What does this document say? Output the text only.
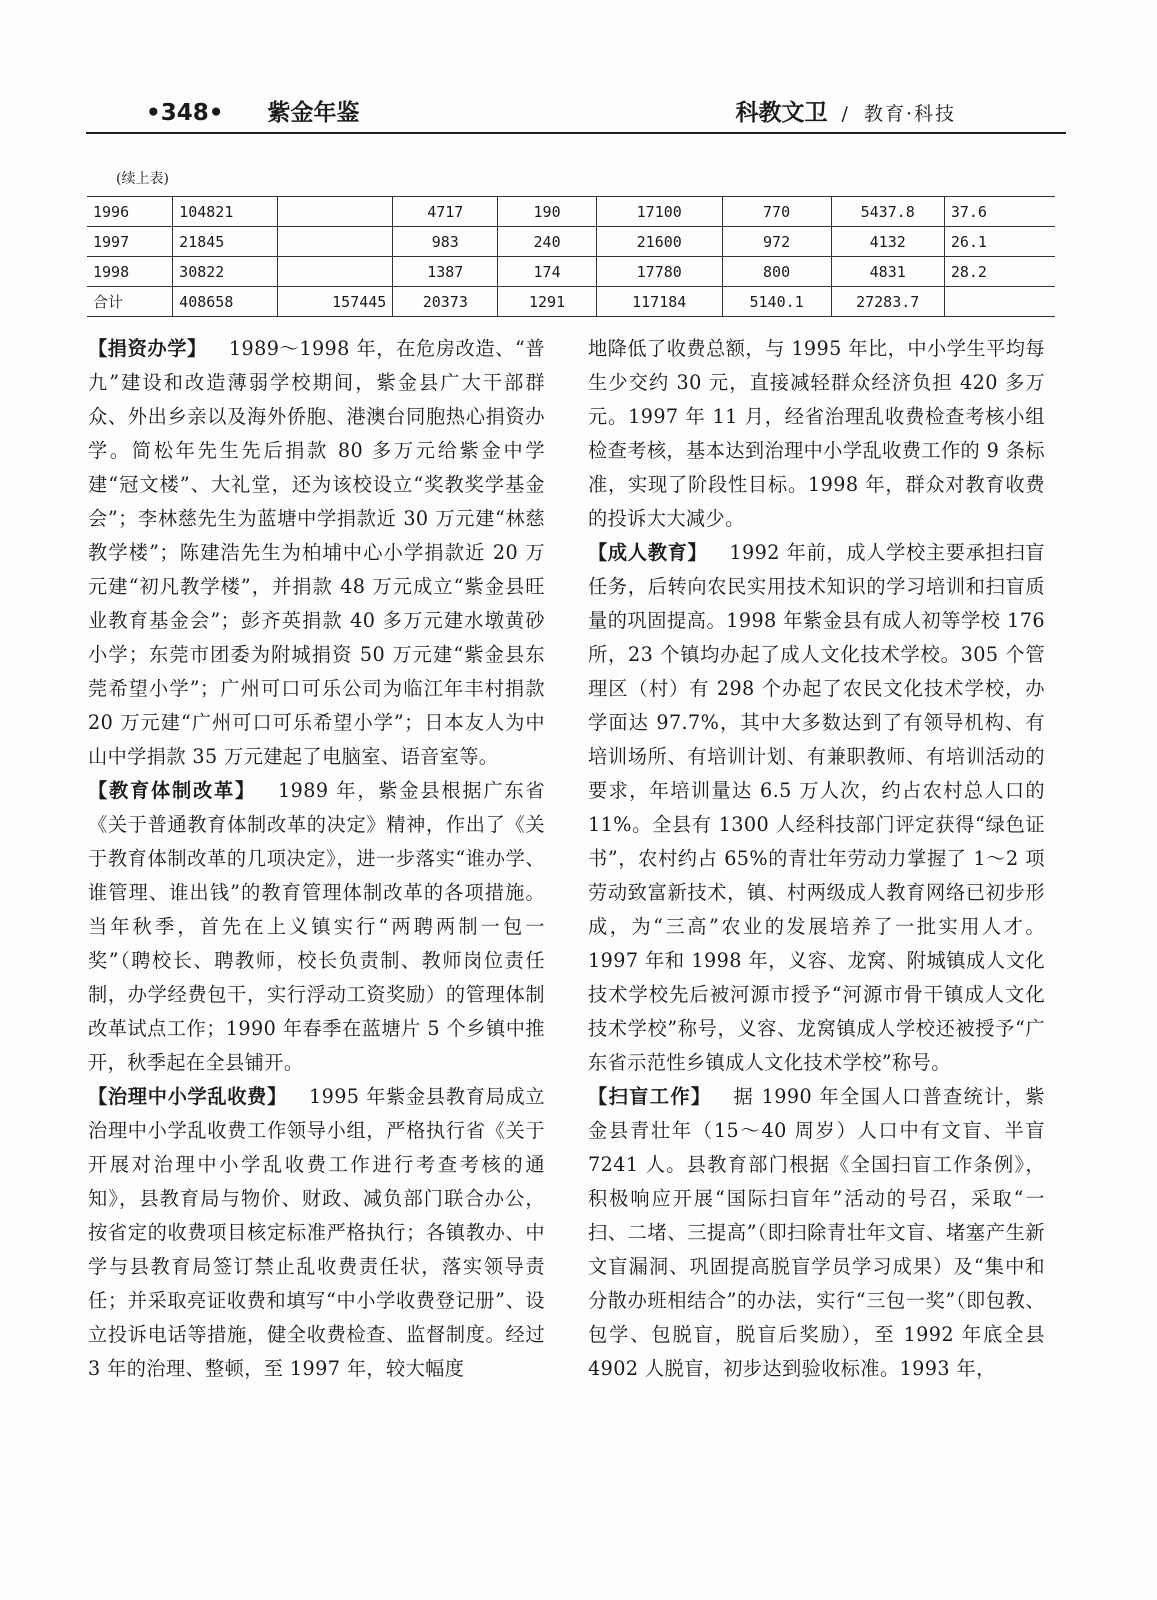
•348• 紫金年鉴	科教文卫 / 教育·科技
(续上表)
1996	104821		4717	190	17100	770	5437.8	37.6
1997	21845		983	240	21600	972	4132	26.1
1998	30822		1387	174	17780	800	4831	28.2
合计	408658	157445	20373	1291	117184	5140.1	27283.7	

【捐资办学】 1989～1998 年，在危房改造、“普九”建设和改造薄弱学校期间，紫金县广大干部群众、外出乡亲以及海外侨胞、港澳台同胞热心捐资办学。简松年先生先后捐款 80 多万元给紫金中学建“冠文楼”、大礼堂，还为该校设立“奖教奖学基金会”；李林慈先生为蓝塘中学捐款近 30 万元建“林慈教学楼”；陈建浩先生为柏埔中心小学捐款近 20 万元建“初凡教学楼”，并捐款 48 万元成立“紫金县旺业教育基金会”；彭齐英捐款 40 多万元建水墩黄砂小学；东莞市团委为附城捐资 50 万元建“紫金县东莞希望小学”；广州可口可乐公司为临江年丰村捐款 20 万元建“广州可口可乐希望小学”；日本友人为中山中学捐款 35 万元建起了电脑室、语音室等。

【教育体制改革】 1989 年，紫金县根据广东省《关于普通教育体制改革的决定》精神，作出了《关于教育体制改革的几项决定》，进一步落实“谁办学、谁管理、谁出钱”的教育管理体制改革的各项措施。当年秋季，首先在上义镇实行“两聘两制一包一奖”（聘校长、聘教师，校长负责制、教师岗位责任制，办学经费包干，实行浮动工资奖励）的管理体制改革试点工作；1990 年春季在蓝塘片 5 个乡镇中推开，秋季起在全县铺开。

【治理中小学乱收费】 1995 年紫金县教育局成立治理中小学乱收费工作领导小组，严格执行省《关于开展对治理中小学乱收费工作进行考查考核的通知》，县教育局与物价、财政、减负部门联合办公，按省定的收费项目核定标准严格执行；各镇教办、中学与县教育局签订禁止乱收费责任状，落实领导责任；并采取亮证收费和填写“中小学收费登记册”、设立投诉电话等措施，健全收费检查、监督制度。经过 3 年的治理、整顿，至 1997 年，较大幅度

地降低了收费总额，与 1995 年比，中小学生平均每生少交约 30 元，直接减轻群众经济负担 420 多万元。1997 年 11 月，经省治理乱收费检查考核小组检查考核，基本达到治理中小学乱收费工作的 9 条标准，实现了阶段性目标。1998 年，群众对教育收费的投诉大大减少。

【成人教育】 1992 年前，成人学校主要承担扫盲任务，后转向农民实用技术知识的学习培训和扫盲质量的巩固提高。1998 年紫金县有成人初等学校 176 所，23 个镇均办起了成人文化技术学校。305 个管理区（村）有 298 个办起了农民文化技术学校，办学面达 97.7%，其中大多数达到了有领导机构、有培训场所、有培训计划、有兼职教师、有培训活动的要求，年培训量达 6.5 万人次，约占农村总人口的 11%。全县有 1300 人经科技部门评定获得“绿色证书”，农村约占 65%的青壮年劳动力掌握了 1～2 项劳动致富新技术，镇、村两级成人教育网络已初步形成，为“三高”农业的发展培养了一批实用人才。1997 年和 1998 年，义容、龙窝、附城镇成人文化技术学校先后被河源市授予“河源市骨干镇成人文化技术学校”称号，义容、龙窝镇成人学校还被授予“广东省示范性乡镇成人文化技术学校”称号。

【扫盲工作】 据 1990 年全国人口普查统计，紫金县青壮年（15～40 周岁）人口中有文盲、半盲 7241 人。县教育部门根据《全国扫盲工作条例》，积极响应开展“国际扫盲年”活动的号召，采取“一扫、二堵、三提高”（即扫除青壮年文盲、堵塞产生新文盲漏洞、巩固提高脱盲学员学习成果）及“集中和分散办班相结合”的办法，实行“三包一奖”（即包教、包学、包脱盲，脱盲后奖励），至 1992 年底全县 4902 人脱盲，初步达到验收标准。1993 年，
